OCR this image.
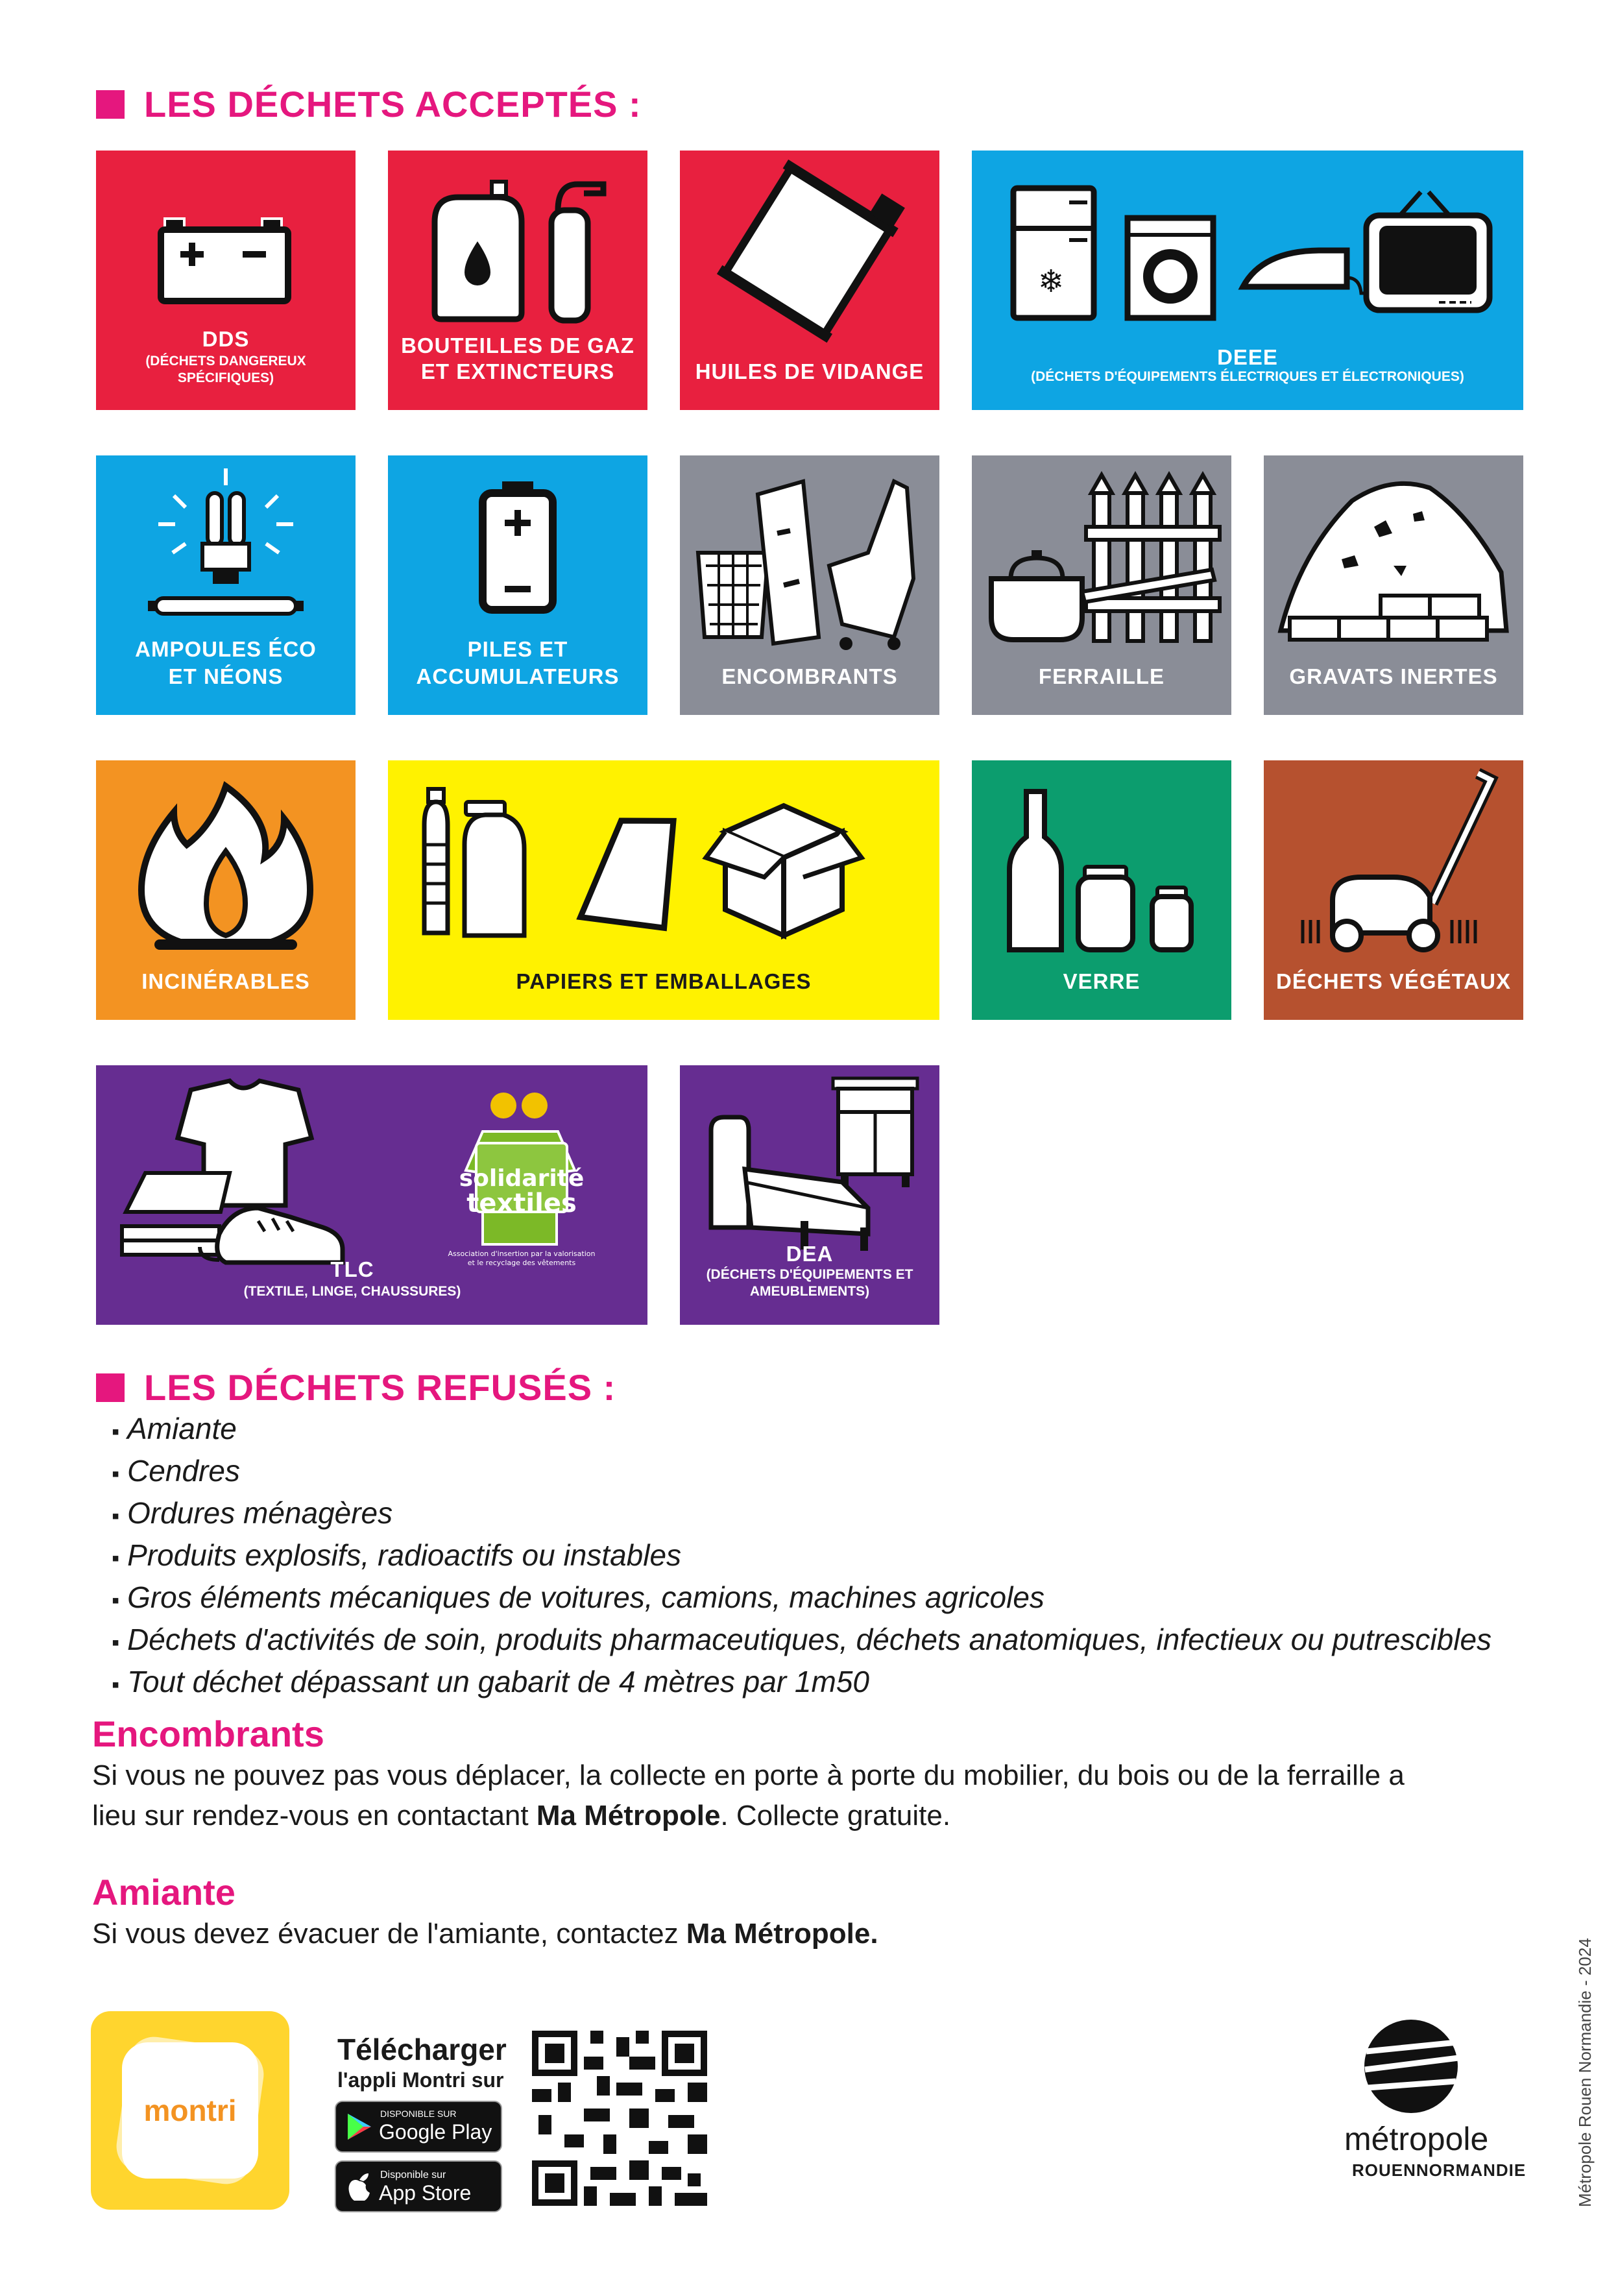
LES DÉCHETS ACCEPTÉS :
DDS
(DÉCHETS DANGEREUX
SPÉCIFIQUES)
BOUTEILLES DE GAZ
ET EXTINCTEURS	HUILES DE VIDANGE
❄
DEEE
(DÉCHETS D'ÉQUIPEMENTS ÉLECTRIQUES ET ÉLECTRONIQUES)
AMPOULES ÉCO
ET NÉONS
PILES ET
ACCUMULATEURS	ENCOMBRANTS	FERRAILLE	GRAVATS INERTES
INCINÉRABLES	PAPIERS ET EMBALLAGES	VERRE	DÉCHETS VÉGÉTAUX
solidarité
textiles
Association d'insertion par la valorisation
et le recyclage des vêtements
TLC
(TEXTILE, LINGE, CHAUSSURES)
DEA
(DÉCHETS D'ÉQUIPEMENTS ET
AMEUBLEMENTS)
LES DÉCHETS REFUSÉS :
▪ Amiante
▪ Cendres
▪ Ordures ménagères
▪ Produits explosifs, radioactifs ou instables
▪ Gros éléments mécaniques de voitures, camions, machines agricoles
▪ Déchets d'activités de soin, produits pharmaceutiques, déchets anatomiques, infectieux ou putrescibles
▪ Tout déchet dépassant un gabarit de 4 mètres par 1m50
Encombrants
Si vous ne pouvez pas vous déplacer, la collecte en porte à porte du mobilier, du bois ou de la ferraille a
lieu sur rendez-vous en contactant Ma Métropole. Collecte gratuite.
Amiante
Si vous devez évacuer de l'amiante, contactez Ma Métropole.
montri
Télécharger
l'appli Montri sur
DISPONIBLE SUR
Google Play
Disponible sur
App Store
métropole
ROUENNORMANDIE	Métropole Rouen Normandie - 2024
